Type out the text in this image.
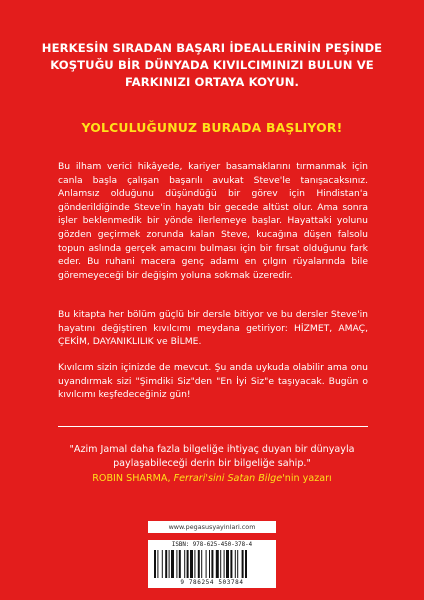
HERKESİN SIRADAN BAŞARI İDEALLERİNİN PEŞİNDE KOŞTUĞU BİR DÜNYADA KIVILCIMINIZI BULUN VE FARKINIZI ORTAYA KOYUN.
YOLCULUĞUNUZ BURADA BAŞLIYOR!
Bu ilham verici hikâyede, kariyer basamaklarını tırmanmak için canla başla çalışan başarılı avukat Steve'le tanışacaksınız. Anlamsız olduğunu düşündüğü bir görev için Hindistan'a gönderildiğinde Steve'in hayatı bir gecede altüst olur. Ama sonra işler beklenmedik bir yönde ilerlemeye başlar. Hayattaki yolunu gözden geçirmek zorunda kalan Steve, kucağına düşen falsolu topun aslında gerçek amacını bulması için bir fırsat olduğunu fark eder. Bu ruhani macera genç adamı en çılgın rüyalarında bile göremeyeceği bir değişim yoluna sokmak üzeredir.
Bu kitapta her bölüm güçlü bir dersle bitiyor ve bu dersler Steve'in hayatını değiştiren kıvılcımı meydana getiriyor: HİZMET, AMAÇ, ÇEKİM, DAYANIKLILIK ve BİLME.
Kıvılcım sizin içinizde de mevcut. Şu anda uykuda olabilir ama onu uyandırmak sizi "Şimdiki Siz"den "En İyi Siz"e taşıyacak. Bugün o kıvılcımı keşfedeceğiniz gün!
"Azim Jamal daha fazla bilgeliğe ihtiyaç duyan bir dünyayla paylaşabileceği derin bir bilgeliğe sahip."
ROBIN SHARMA, Ferrari'sini Satan Bilge'nin yazarı
www.pegasusyayinlari.com
ISBN: 978-625-450-378-4
9 786254 503784
